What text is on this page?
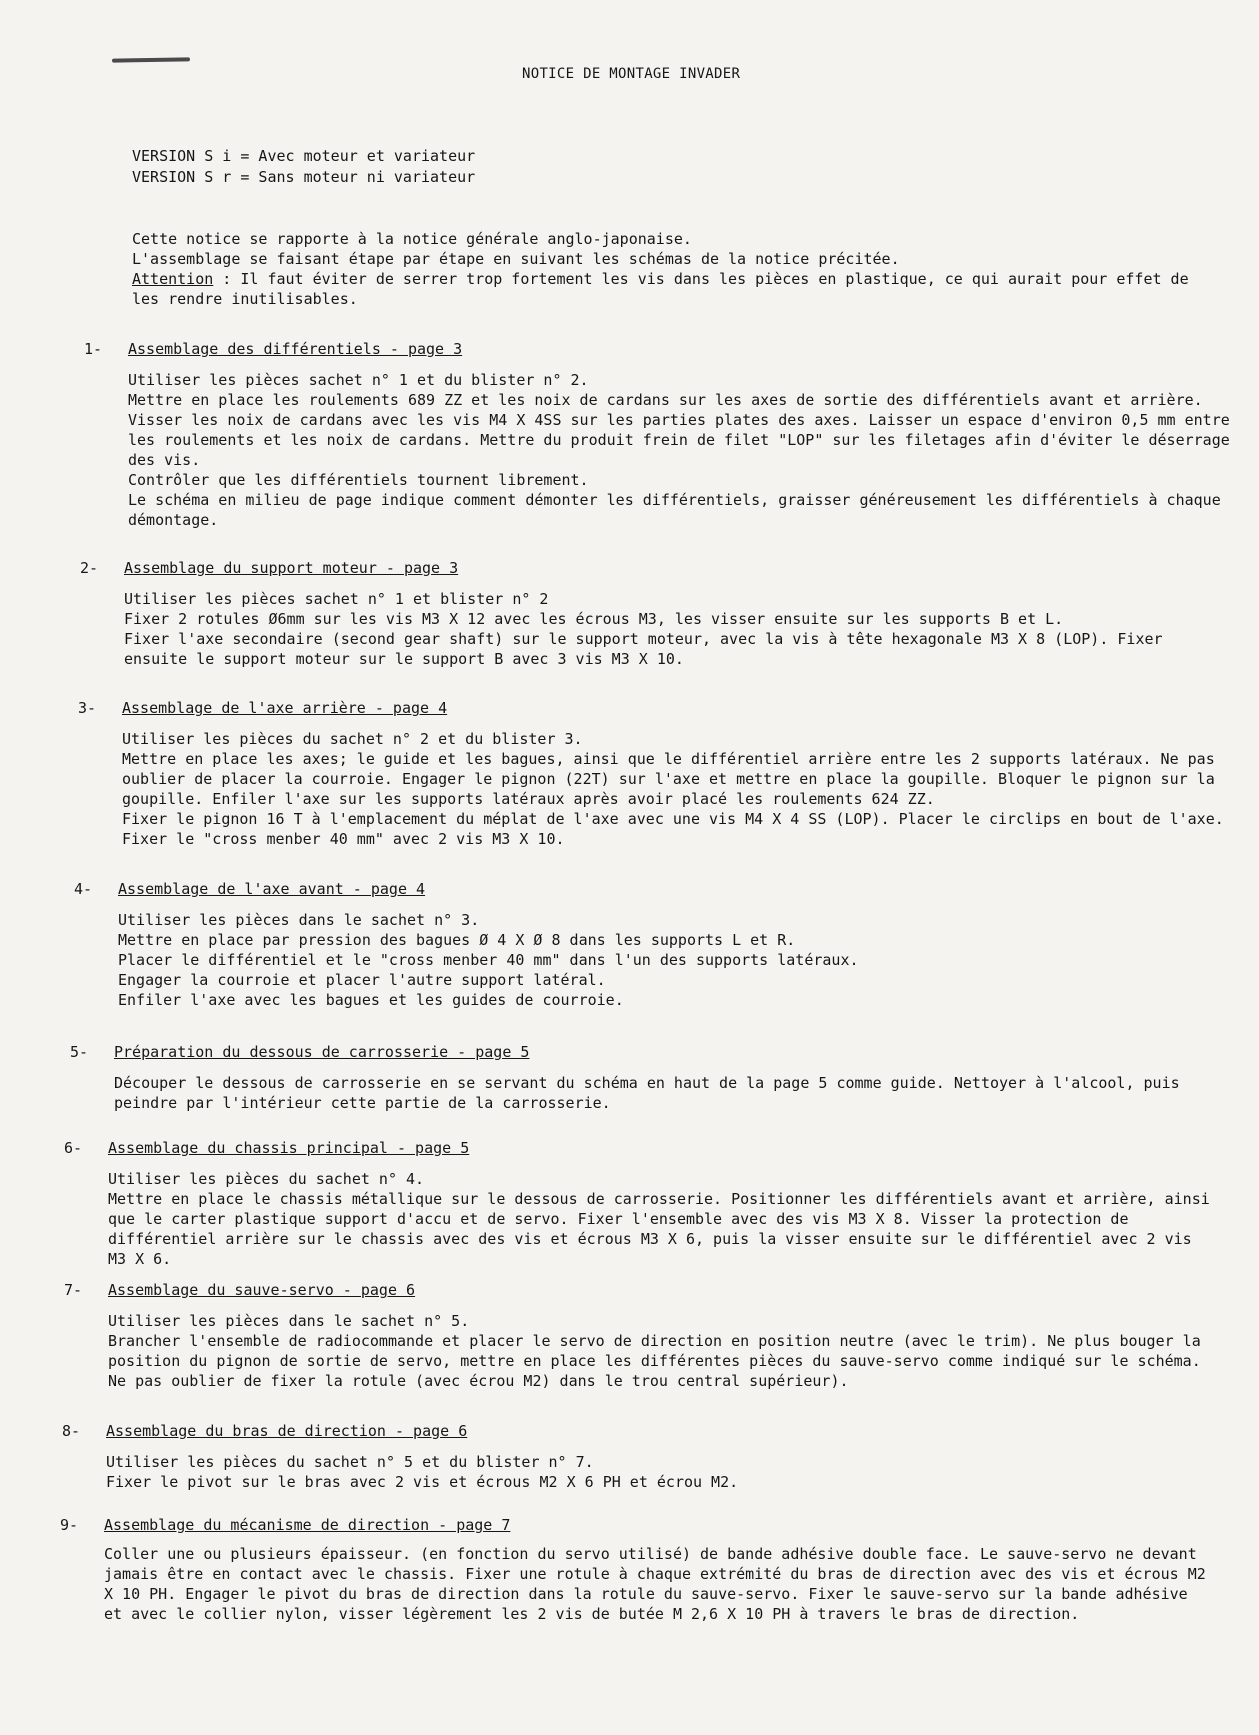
NOTICE DE MONTAGE INVADER
VERSION S i = Avec moteur et variateur
VERSION S r = Sans moteur ni variateur

Cette notice se rapporte à la notice générale anglo-japonaise.

L'assemblage se faisant étape par étape en suivant les schémas de la notice précitée.

Attention : Il faut éviter de serrer trop fortement les vis dans les pièces en plastique, ce qui aurait pour effet de les rendre inutilisables.

1- Assemblage des différentiels - page 3

Utiliser les pièces sachet n° 1 et du blister n° 2.

Mettre en place les roulements 689 ZZ et les noix de cardans sur les axes de sortie des différentiels avant et arrière.

Visser les noix de cardans avec les vis M4 X 4SS sur les parties plates des axes. Laisser un espace d'environ 0,5 mm entre les roulements et les noix de cardans. Mettre du produit frein de filet "LOP" sur les filetages afin d'éviter le déserrage des vis.

Contrôler que les différentiels tournent librement.

Le schéma en milieu de page indique comment démonter les différentiels, graisser généreusement les différentiels à chaque démontage.

2- Assemblage du support moteur - page 3

Utiliser les pièces sachet n° 1 et blister n° 2

Fixer 2 rotules Ø6mm sur les vis M3 X 12 avec les écrous M3, les visser ensuite sur les supports B et L.

Fixer l'axe secondaire (second gear shaft) sur le support moteur, avec la vis à tête hexagonale M3 X 8 (LOP). Fixer ensuite le support moteur sur le support B avec 3 vis M3 X 10.

3- Assemblage de l'axe arrière - page 4

Utiliser les pièces du sachet n° 2 et du blister 3.

Mettre en place les axes; le guide et les bagues, ainsi que le différentiel arrière entre les 2 supports latéraux. Ne pas oublier de placer la courroie. Engager le pignon (22T) sur l'axe et mettre en place la goupille. Bloquer le pignon sur la goupille. Enfiler l'axe sur les supports latéraux après avoir placé les roulements 624 ZZ.

Fixer le pignon 16 T à l'emplacement du méplat de l'axe avec une vis M4 X 4 SS (LOP). Placer le circlips en bout de l'axe. Fixer le "cross menber 40 mm" avec 2 vis M3 X 10.

4- Assemblage de l'axe avant - page 4

Utiliser les pièces dans le sachet n° 3.

Mettre en place par pression des bagues Ø 4 X Ø 8 dans les supports L et R.

Placer le différentiel et le "cross menber 40 mm" dans l'un des supports latéraux.

Engager la courroie et placer l'autre support latéral.

Enfiler l'axe avec les bagues et les guides de courroie.

5- Préparation du dessous de carrosserie - page 5

Découper le dessous de carrosserie en se servant du schéma en haut de la page 5 comme guide. Nettoyer à l'alcool, puis peindre par l'intérieur cette partie de la carrosserie.

6- Assemblage du chassis principal - page 5

Utiliser les pièces du sachet n° 4.

Mettre en place le chassis métallique sur le dessous de carrosserie. Positionner les différentiels avant et arrière, ainsi que le carter plastique support d'accu et de servo. Fixer l'ensemble avec des vis M3 X 8. Visser la protection de différentiel arrière sur le chassis avec des vis et écrous M3 X 6, puis la visser ensuite sur le différentiel avec 2 vis M3 X 6.

7- Assemblage du sauve-servo - page 6

Utiliser les pièces dans le sachet n° 5.

Brancher l'ensemble de radiocommande et placer le servo de direction en position neutre (avec le trim). Ne plus bouger la position du pignon de sortie de servo, mettre en place les différentes pièces du sauve-servo comme indiqué sur le schéma. Ne pas oublier de fixer la rotule (avec écrou M2) dans le trou central supérieur).

8- Assemblage du bras de direction - page 6

Utiliser les pièces du sachet n° 5 et du blister n° 7.

Fixer le pivot sur le bras avec 2 vis et écrous M2 X 6 PH et écrou M2.

9- Assemblage du mécanisme de direction - page 7

Coller une ou plusieurs épaisseur. (en fonction du servo utilisé) de bande adhésive double face. Le sauve-servo ne devant jamais être en contact avec le chassis. Fixer une rotule à chaque extrémité du bras de direction avec des vis et écrous M2 X 10 PH. Engager le pivot du bras de direction dans la rotule du sauve-servo. Fixer le sauve-servo sur la bande adhésive et avec le collier nylon, visser légèrement les 2 vis de butée M 2,6 X 10 PH à travers le bras de direction.
